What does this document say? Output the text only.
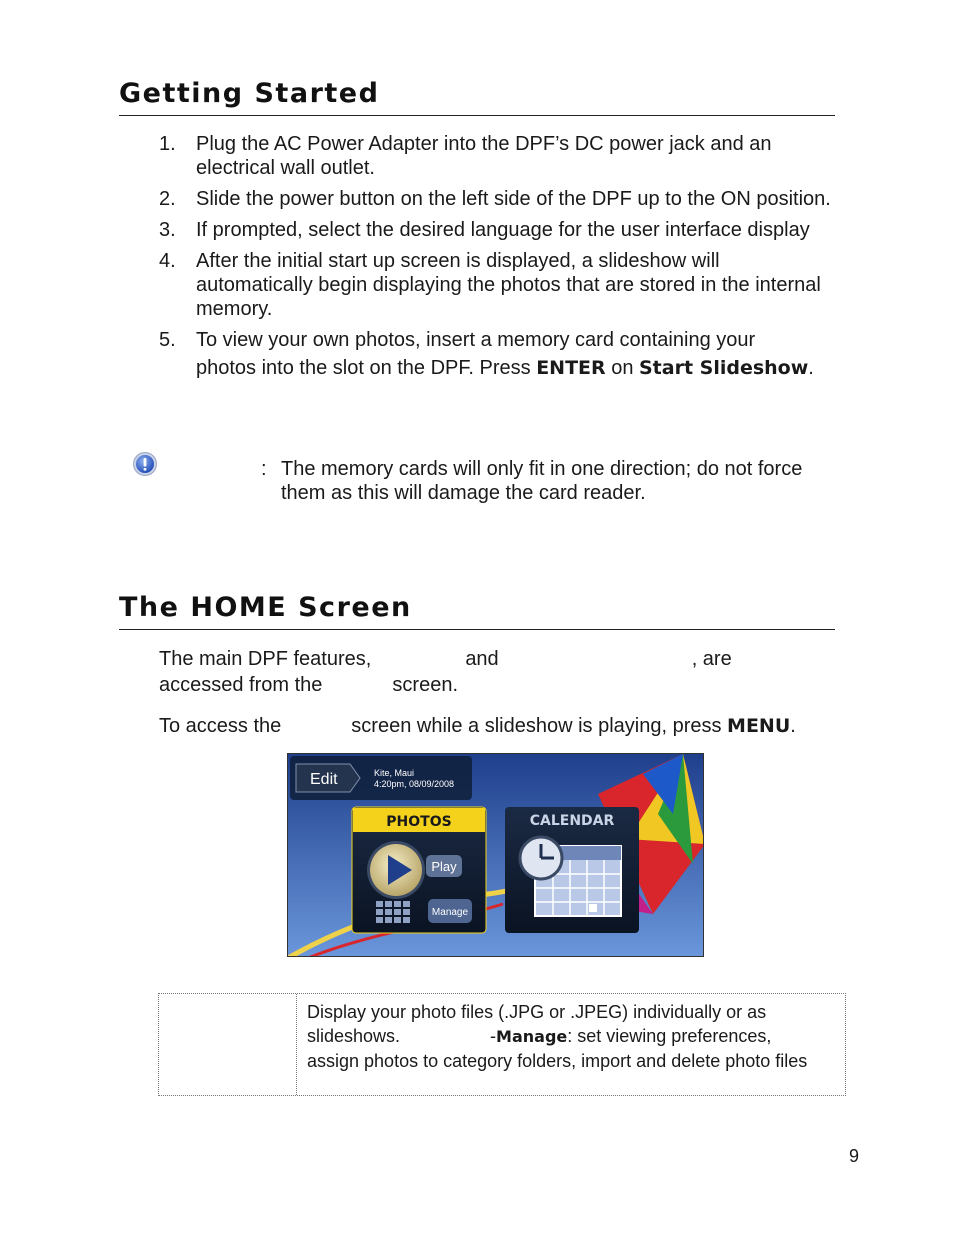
Getting Started
1. Plug the AC Power Adapter into the DPF’s DC power jack and an electrical wall outlet.
2. Slide the power button on the left side of the DPF up to the ON position.
3. If prompted, select the desired language for the user interface display
4. After the initial start up screen is displayed, a slideshow will automatically begin displaying the photos that are stored in the internal memory.
5. To view your own photos, insert a memory card containing your
photos into the slot on the DPF. Press ENTER on Start Slideshow.
: The memory cards will only fit in one direction; do not force them as this will damage the card reader.
The HOME Screen
The main DPF features,	and	, are
accessed from the	screen.
To access the	screen while a slideshow is playing, press MENU.
Edit	Kite, Maui
4:20pm, 08/09/2008
PHOTOS
Play
Manage
CALENDAR
Display your photo files (.JPG or .JPEG) individually or as
slideshows.	-Manage: set viewing preferences,
assign photos to category folders, import and delete photo files
9
